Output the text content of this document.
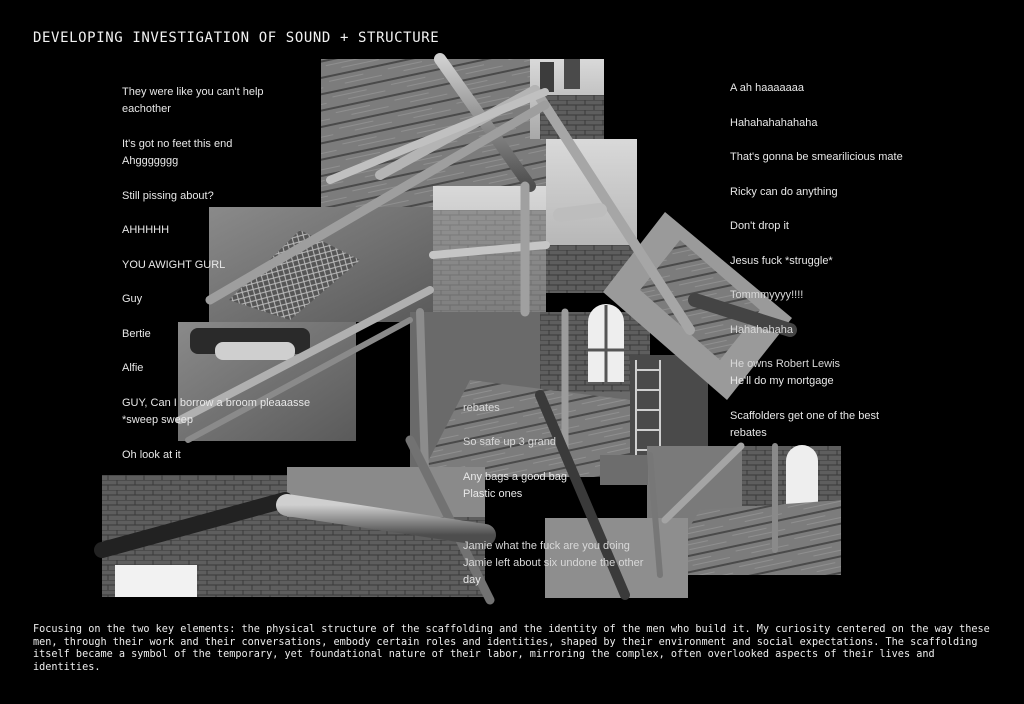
DEVELOPING INVESTIGATION OF SOUND + STRUCTURE

They were like you can't help

eachother

It's got no feet this end

Ahggggggg

Still pissing about?

AHHHHH

YOU AWIGHT GURL

Guy

Bertie

Alfie

GUY, Can I borrow a broom pleaaasse

*sweep sweep

Oh look at it

rebates

So safe up 3 grand

Any bags a good bag

Plastic ones

Jamie what the fuck are you doing

Jamie left about six undone the other

day

A ah haaaaaaa

Hahahahahahaha

That's gonna be smearilicious mate

Ricky can do anything

Don't drop it

Jesus fuck *struggle*

Tommmyyyy!!!!

Hahahahaha

He owns Robert Lewis

He'll do my mortgage

Scaffolders get one of the best

rebates

Focusing on the two key elements: the physical structure of the scaffolding and the identity of the men who build it. My curiosity centered on the way these men, through their work and their conversations, embody certain roles and identities, shaped by their environment and social expectations. The scaffolding itself became a symbol of the temporary, yet foundational nature of their labor, mirroring the complex, often overlooked aspects of their lives and identities.
